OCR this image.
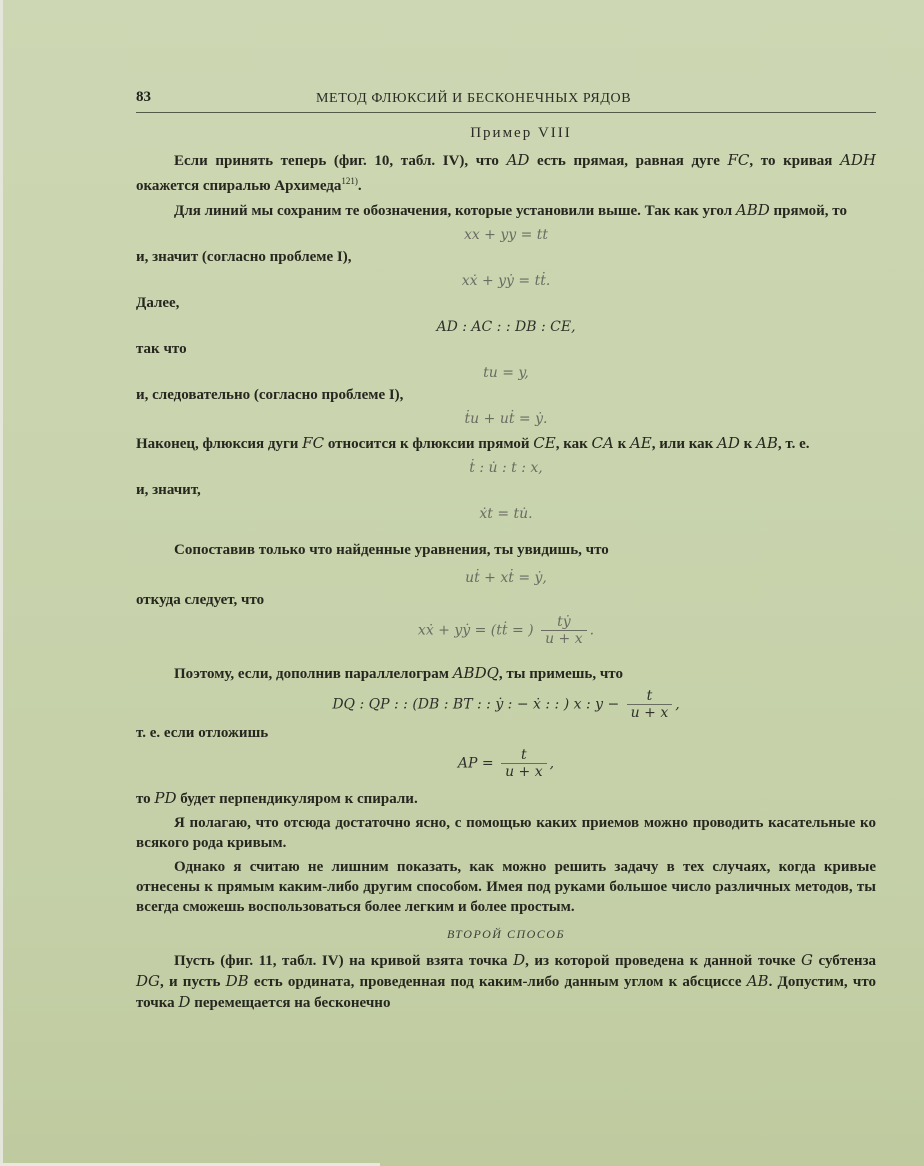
83	МЕТОД ФЛЮКСИЙ И БЕСКОНЕЧНЫХ РЯДОВ
Пример VIII

Если принять теперь (фиг. 10, табл. IV), что AD есть прямая, равная дуге FC, то кривая ADH окажется спиралью Архимеда$^{121)}$.

Для линий мы сохраним те обозначения, которые установили выше. Так как угол ABD прямой, то

xx + yy = tt

и, значит (согласно проблеме I),

xẋ + yẏ = tṫ.

Далее,

AD : AC : : DB : CE,

так что

tu = y,

и, следовательно (согласно проблеме I),

ṫu + uṫ = ẏ.

Наконец, флюксия дуги FC относится к флюксии прямой CE, как CA к AE, или как AD к AB, т. е.

ṫ : u̇ : t : x,

и, значит,

ẋt = tu̇.

Сопоставив только что найденные уравнения, ты увидишь, что

uṫ + xṫ = ẏ,

откуда следует, что

xẋ + yẏ = (tṫ = ) $\frac{\text{tẏ}}{u + x}$ .

Поэтому, если, дополнив параллелограм ABDQ, ты примешь, что

DQ : QP : : (DB : BT : : ẏ : − ẋ : : ) x : $y - \frac{t}{u + x}$ ,

т. е. если отложишь

AP = $\frac{t}{u + x}$ ,

то PD будет перпендикуляром к спирали.

Я полагаю, что отсюда достаточно ясно, с помощью каких приемов можно проводить касательные ко всякого рода кривым.

Однако я считаю не лишним показать, как можно решить задачу в тех случаях, когда кривые отнесены к прямым каким-либо другим способом. Имея под руками большое число различных методов, ты всегда сможешь воспользоваться более легким и более простым.

ВТОРОЙ СПОСОБ

Пусть (фиг. 11, табл. IV) на кривой взята точка D, из которой проведена к данной точке G субтенза DG, и пусть DB есть ордината, проведенная под каким-либо данным углом к абсциссе AB. Допустим, что точка D перемещается на бесконечно
